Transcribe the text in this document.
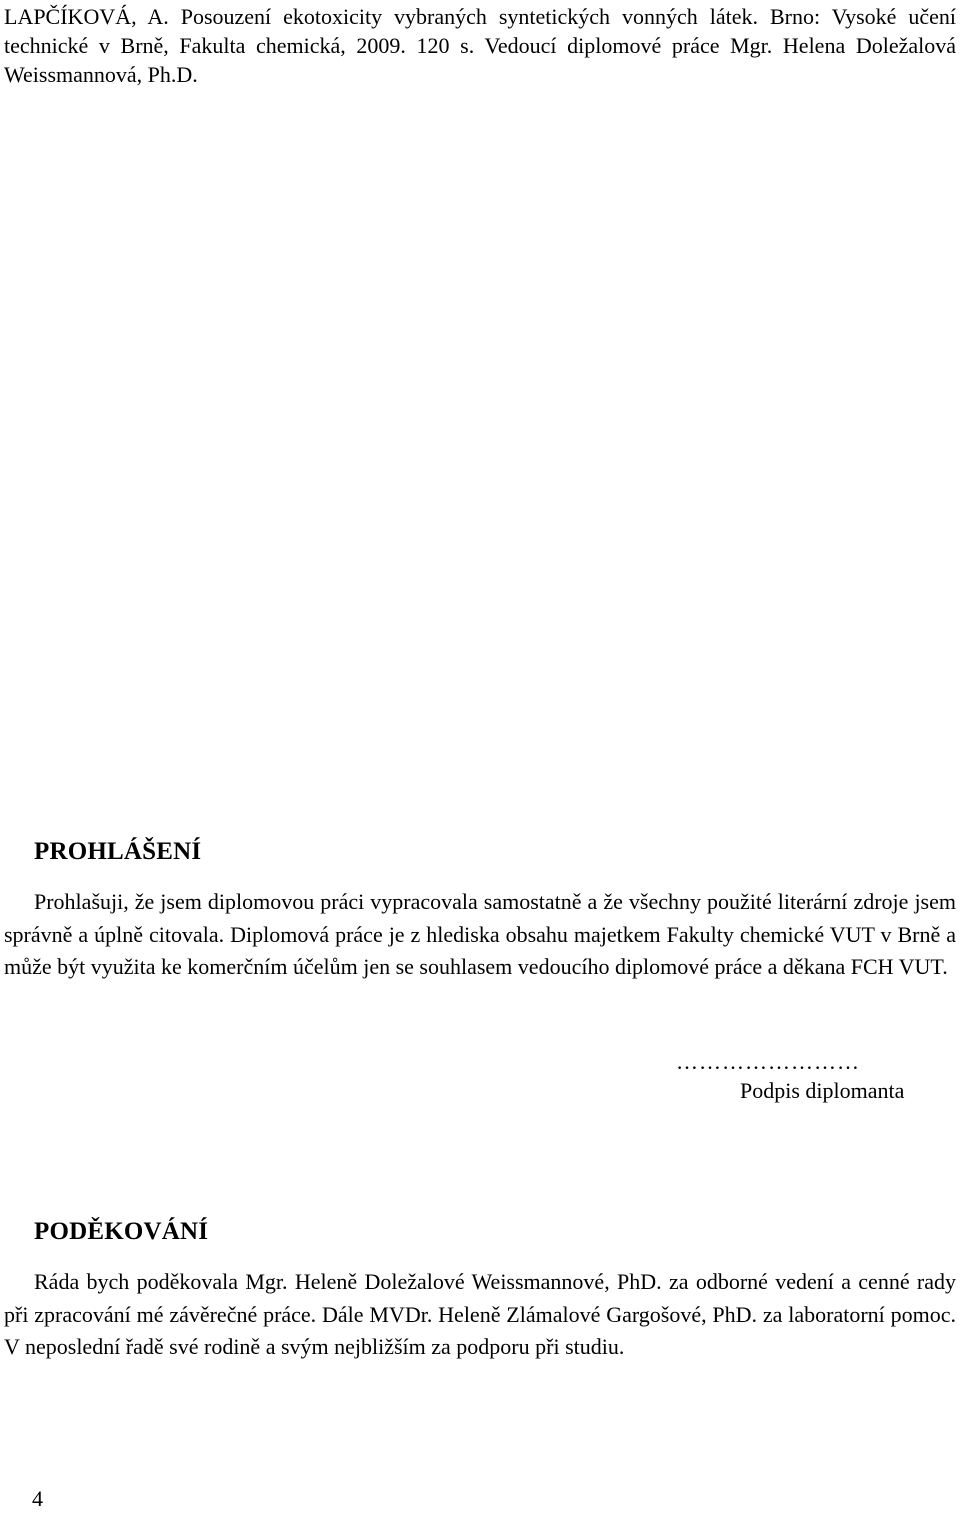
LAPČÍKOVÁ, A. Posouzení ekotoxicity vybraných syntetických vonných látek. Brno: Vysoké učení technické v Brně, Fakulta chemická, 2009. 120 s. Vedoucí diplomové práce Mgr. Helena Doležalová Weissmannová, Ph.D.
PROHLÁŠENÍ
Prohlašuji, že jsem diplomovou práci vypracovala samostatně a že všechny použité literární zdroje jsem správně a úplně citovala. Diplomová práce je z hlediska obsahu majetkem Fakulty chemické VUT v Brně a může být využita ke komerčním účelům jen se souhlasem vedoucího diplomové práce a děkana FCH VUT.
……………………
Podpis diplomanta
PODĚKOVÁNÍ
Ráda bych poděkovala Mgr. Heleně Doležalové Weissmannové, PhD. za odborné vedení a cenné rady při zpracování mé závěrečné práce. Dále MVDr. Heleně Zlámalové Gargošové, PhD. za laboratorní pomoc. V neposlední řadě své rodině a svým nejbližším za podporu při studiu.
4
